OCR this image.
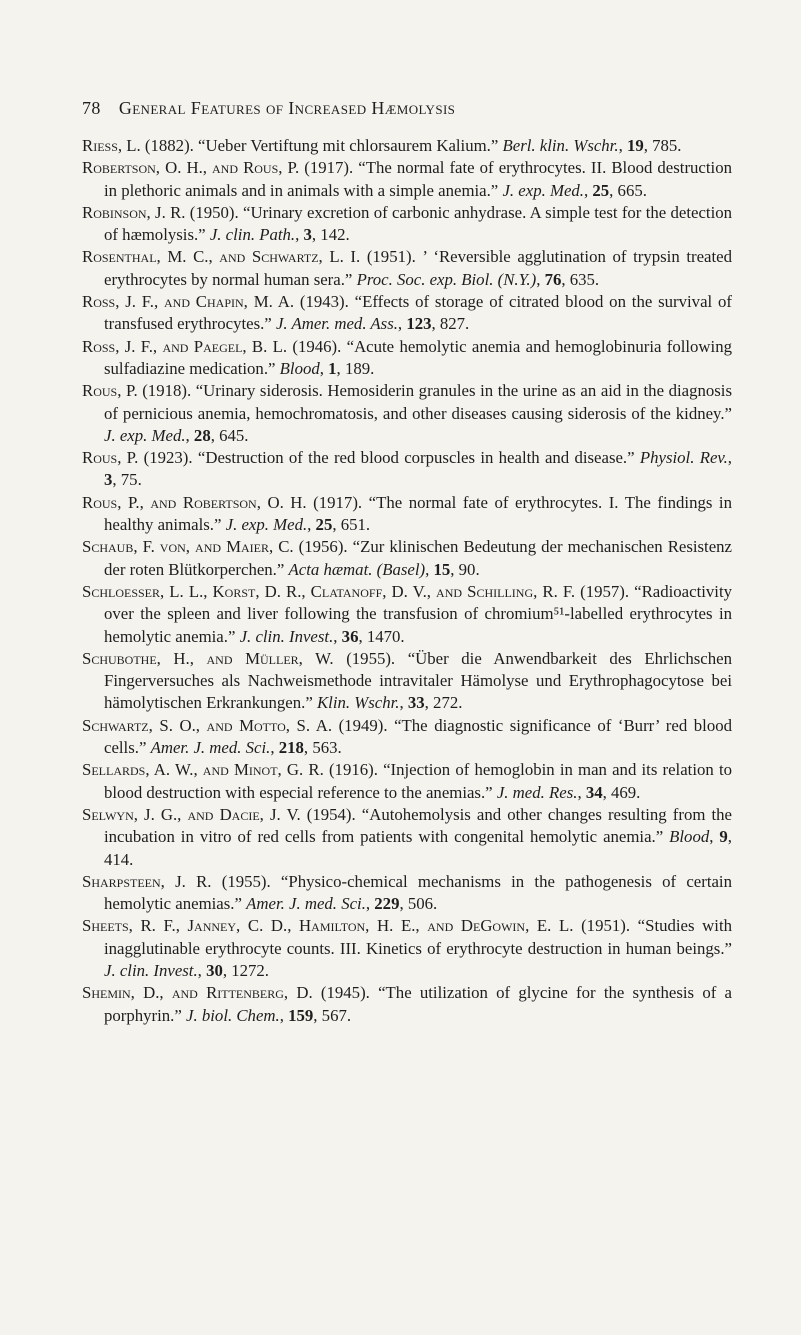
78 General Features of Increased Hæmolysis
Riess, L. (1882). “Ueber Vertiftung mit chlorsaurem Kalium.” Berl. klin. Wschr., 19, 785.
Robertson, O. H., and Rous, P. (1917). “The normal fate of erythrocytes. II. Blood destruction in plethoric animals and in animals with a simple anemia.” J. exp. Med., 25, 665.
Robinson, J. R. (1950). “Urinary excretion of carbonic anhydrase. A simple test for the detection of hæmolysis.” J. clin. Path., 3, 142.
Rosenthal, M. C., and Schwartz, L. I. (1951). ’ ‘Reversible agglutination of trypsin treated erythrocytes by normal human sera.” Proc. Soc. exp. Biol. (N.Y.), 76, 635.
Ross, J. F., and Chapin, M. A. (1943). “Effects of storage of citrated blood on the survival of transfused erythrocytes.” J. Amer. med. Ass., 123, 827.
Ross, J. F., and Paegel, B. L. (1946). “Acute hemolytic anemia and hemoglobinuria following sulfadiazine medication.” Blood, 1, 189.
Rous, P. (1918). “Urinary siderosis. Hemosiderin granules in the urine as an aid in the diagnosis of pernicious anemia, hemochromatosis, and other diseases causing siderosis of the kidney.” J. exp. Med., 28, 645.
Rous, P. (1923). “Destruction of the red blood corpuscles in health and disease.” Physiol. Rev., 3, 75.
Rous, P., and Robertson, O. H. (1917). “The normal fate of erythrocytes. I. The findings in healthy animals.” J. exp. Med., 25, 651.
Schaub, F. von, and Maier, C. (1956). “Zur klinischen Bedeutung der mechanischen Resistenz der roten Blütkorperchen.” Acta hæmat. (Basel), 15, 90.
Schloesser, L. L., Korst, D. R., Clatanoff, D. V., and Schilling, R. F. (1957). “Radioactivity over the spleen and liver following the transfusion of chromium⁵¹-labelled erythrocytes in hemolytic anemia.” J. clin. Invest., 36, 1470.
Schubothe, H., and Müller, W. (1955). “Über die Anwendbarkeit des Ehrlichschen Fingerversuches als Nachweismethode intravitaler Hämolyse und Erythrophagocytose bei hämolytischen Erkrankungen.” Klin. Wschr., 33, 272.
Schwartz, S. O., and Motto, S. A. (1949). “The diagnostic significance of ‘Burr’ red blood cells.” Amer. J. med. Sci., 218, 563.
Sellards, A. W., and Minot, G. R. (1916). “Injection of hemoglobin in man and its relation to blood destruction with especial reference to the anemias.” J. med. Res., 34, 469.
Selwyn, J. G., and Dacie, J. V. (1954). “Autohemolysis and other changes resulting from the incubation in vitro of red cells from patients with congenital hemolytic anemia.” Blood, 9, 414.
Sharpsteen, J. R. (1955). “Physico-chemical mechanisms in the pathogenesis of certain hemolytic anemias.” Amer. J. med. Sci., 229, 506.
Sheets, R. F., Janney, C. D., Hamilton, H. E., and DeGowin, E. L. (1951). “Studies with inagglutinable erythrocyte counts. III. Kinetics of erythrocyte destruction in human beings.” J. clin. Invest., 30, 1272.
Shemin, D., and Rittenberg, D. (1945). “The utilization of glycine for the synthesis of a porphyrin.” J. biol. Chem., 159, 567.
